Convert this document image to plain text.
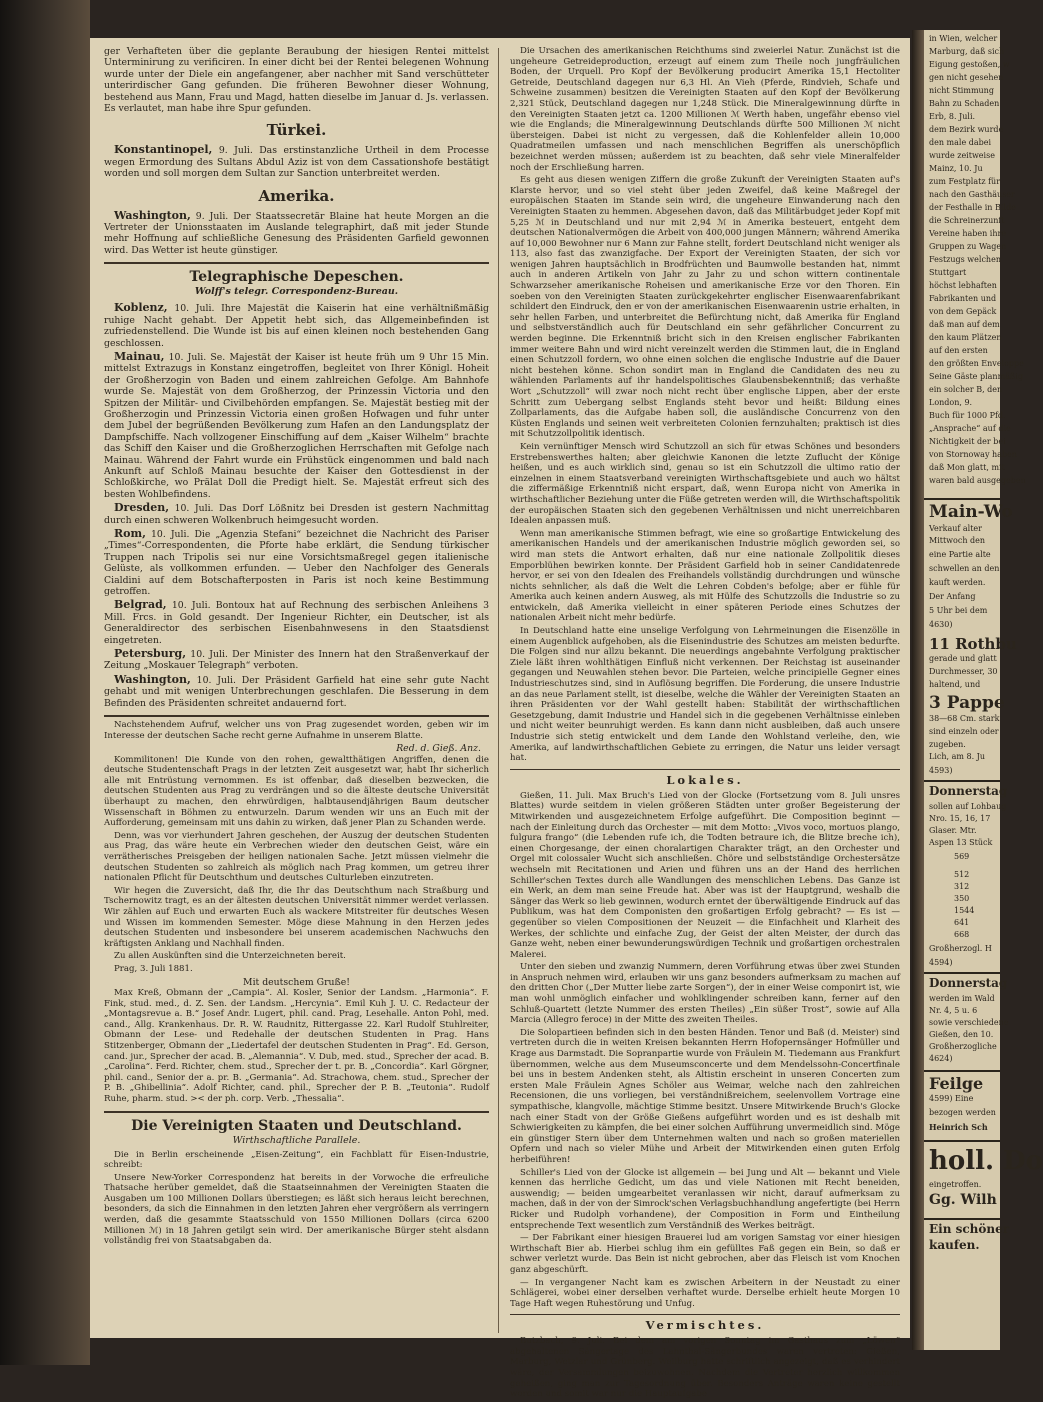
ger Verhafteten über die geplante Beraubung der hiesigen Rentei mittelst Unterminirung zu verificiren. In einer dicht bei der Rentei belegenen Wohnung wurde unter der Diele ein angefangener, aber nachher mit Sand verschütteter unterirdischer Gang gefunden. Die früheren Bewohner dieser Wohnung, bestehend aus Mann, Frau und Magd, hatten dieselbe im Januar d. Js. verlassen. Es verlautet, man habe ihre Spur gefunden.

Türkei.

Konstantinopel, 9. Juli. Das erstinstanzliche Urtheil in dem Processe wegen Ermordung des Sultans Abdul Aziz ist von dem Cassationshofe bestätigt worden und soll morgen dem Sultan zur Sanction unterbreitet werden.

Amerika.

Washington, 9. Juli. Der Staatssecretär Blaine hat heute Morgen an die Vertreter der Unionsstaaten im Auslande telegraphirt, daß mit jeder Stunde mehr Hoffnung auf schließliche Genesung des Präsidenten Garfield gewonnen wird. Das Wetter ist heute günstiger.

Telegraphische Depeschen.
Wolff's telegr. Correspondenz-Bureau.

Koblenz, 10. Juli. Ihre Majestät die Kaiserin hat eine verhältnißmäßig ruhige Nacht gehabt. Der Appetit hebt sich, das Allgemeinbefinden ist zufriedenstellend. Die Wunde ist bis auf einen kleinen noch bestehenden Gang geschlossen.

Mainau, 10. Juli. Se. Majestät der Kaiser ist heute früh um 9 Uhr 15 Min. mittelst Extrazugs in Konstanz eingetroffen, begleitet von Ihrer Königl. Hoheit der Großherzogin von Baden und einem zahlreichen Gefolge. Am Bahnhofe wurde Se. Majestät von dem Großherzog, der Prinzessin Victoria und den Spitzen der Militär- und Civilbehörden empfangen. Se. Majestät bestieg mit der Großherzogin und Prinzessin Victoria einen großen Hofwagen und fuhr unter dem Jubel der begrüßenden Bevölkerung zum Hafen an den Landungsplatz der Dampfschiffe. Nach vollzogener Einschiffung auf dem „Kaiser Wilhelm“ brachte das Schiff den Kaiser und die Großherzoglichen Herrschaften mit Gefolge nach Mainau. Während der Fahrt wurde ein Frühstück eingenommen und bald nach Ankunft auf Schloß Mainau besuchte der Kaiser den Gottesdienst in der Schloßkirche, wo Prälat Doll die Predigt hielt. Se. Majestät erfreut sich des besten Wohlbefindens.

Dresden, 10. Juli. Das Dorf Lößnitz bei Dresden ist gestern Nachmittag durch einen schweren Wolkenbruch heimgesucht worden.

Rom, 10. Juli. Die „Agenzia Stefani“ bezeichnet die Nachricht des Pariser „Times“-Correspondenten, die Pforte habe erklärt, die Sendung türkischer Truppen nach Tripolis sei nur eine Vorsichtsmaßregel gegen italienische Gelüste, als vollkommen erfunden. — Ueber den Nachfolger des Generals Cialdini auf dem Botschafterposten in Paris ist noch keine Bestimmung getroffen.

Belgrad, 10. Juli. Bontoux hat auf Rechnung des serbischen Anleihens 3 Mill. Frcs. in Gold gesandt. Der Ingenieur Richter, ein Deutscher, ist als Generaldirector des serbischen Eisenbahnwesens in den Staatsdienst eingetreten.

Petersburg, 10. Juli. Der Minister des Innern hat den Straßenverkauf der Zeitung „Moskauer Telegraph“ verboten.

Washington, 10. Juli. Der Präsident Garfield hat eine sehr gute Nacht gehabt und mit wenigen Unterbrechungen geschlafen. Die Besserung in dem Befinden des Präsidenten schreitet andauernd fort.

Nachstehendem Aufruf, welcher uns von Prag zugesendet worden, geben wir im Interesse der deutschen Sache recht gerne Aufnahme in unserem Blatte.

Red. d. Gieß. Anz.

Kommilitonen! Die Kunde von den rohen, gewaltthätigen Angriffen, denen die deutsche Studentenschaft Prags in der letzten Zeit ausgesetzt war, habt Ihr sicherlich alle mit Entrüstung vernommen. Es ist offenbar, daß dieselben bezwecken, die deutschen Studenten aus Prag zu verdrängen und so die älteste deutsche Universität überhaupt zu machen, den ehrwürdigen, halbtausendjährigen Baum deutscher Wissenschaft in Böhmen zu entwurzeln. Darum wenden wir uns an Euch mit der Aufforderung, gemeinsam mit uns dahin zu wirken, daß jener Plan zu Schanden werde.

Denn, was vor vierhundert Jahren geschehen, der Auszug der deutschen Studenten aus Prag, das wäre heute ein Verbrechen wieder den deutschen Geist, wäre ein verrätherisches Preisgeben der heiligen nationalen Sache. Jetzt müssen vielmehr die deutschen Studenten so zahlreich als möglich nach Prag kommen, um getreu ihrer nationalen Pflicht für Deutschthum und deutsches Culturleben einzutreten.

Wir hegen die Zuversicht, daß Ihr, die Ihr das Deutschthum nach Straßburg und Tschernowitz tragt, es an der ältesten deutschen Universität nimmer werdet verlassen. Wir zählen auf Euch und erwarten Euch als wackere Mitstreiter für deutsches Wesen und Wissen im kommenden Semester. Möge diese Mahnung in den Herzen jedes deutschen Studenten und insbesondere bei unserem academischen Nachwuchs den kräftigsten Anklang und Nachhall finden.

Zu allen Auskünften sind die Unterzeichneten bereit.

Prag, 3. Juli 1881.

Mit deutschem Gruße!

Max Kreß, Obmann der „Campia“. Al. Kosler, Senior der Landsm. „Harmonia“. F. Fink, stud. med., d. Z. Sen. der Landsm. „Hercynia“. Emil Kuh J. U. C. Redacteur der „Montagsrevue a. B.“ Josef Andr. Lugert, phil. cand. Prag, Lesehalle. Anton Pohl, med. cand., Allg. Krankenhaus. Dr. R. W. Raudnitz, Rittergasse 22. Karl Rudolf Stuhlreiter, Obmann der Lese- und Redehalle der deutschen Studenten in Prag. Hans Stitzenberger, Obmann der „Liedertafel der deutschen Studenten in Prag“. Ed. Gerson, cand. jur., Sprecher der acad. B. „Alemannia“. V. Dub, med. stud., Sprecher der acad. B. „Carolina“. Ferd. Richter, chem. stud., Sprecher der t. pr. B. „Concordia“. Karl Görgner, phil. cand., Senior der a. pr. B. „Germania“. Ad. Strachowa, chem. stud., Sprecher der P. B. „Ghibellinia“. Adolf Richter, cand. phil., Sprecher der P. B. „Teutonia“. Rudolf Ruhe, pharm. stud. >< der ph. corp. Verb. „Thessalia“.

Die Vereinigten Staaten und Deutschland.
Wirthschaftliche Parallele.

Die in Berlin erscheinende „Eisen-Zeitung“, ein Fachblatt für Eisen-Industrie, schreibt:

Unsere New-Yorker Correspondenz hat bereits in der Vorwoche die erfreuliche Thatsache herüber gemeldet, daß die Staatseinnahmen der Vereinigten Staaten die Ausgaben um 100 Millionen Dollars überstiegen; es läßt sich heraus leicht berechnen, besonders, da sich die Einnahmen in den letzten Jahren eher vergrößern als verringern werden, daß die gesammte Staatsschuld von 1550 Millionen Dollars (circa 6200 Millionen ℳ) in 18 Jahren getilgt sein wird. Der amerikanische Bürger steht alsdann vollständig frei von Staatsabgaben da.

Die Ursachen des amerikanischen Reichthums sind zweierlei Natur. Zunächst ist die ungeheure Getreideproduction, erzeugt auf einem zum Theile noch jungfräulichen Boden, der Urquell. Pro Kopf der Bevölkerung producirt Amerika 15,1 Hectoliter Getreide, Deutschland dagegen nur 6,3 Hl. An Vieh (Pferde, Rindvieh, Schafe und Schweine zusammen) besitzen die Vereinigten Staaten auf den Kopf der Bevölkerung 2,321 Stück, Deutschland dagegen nur 1,248 Stück. Die Mineralgewinnung dürfte in den Vereinigten Staaten jetzt ca. 1200 Millionen ℳ Werth haben, ungefähr ebenso viel wie die Englands; die Mineralgewinnung Deutschlands dürfte 500 Millionen ℳ nicht übersteigen. Dabei ist nicht zu vergessen, daß die Kohlenfelder allein 10,000 Quadratmeilen umfassen und nach menschlichen Begriffen als unerschöpflich bezeichnet werden müssen; außerdem ist zu beachten, daß sehr viele Mineralfelder noch der Erschließung harren.

Es geht aus diesen wenigen Ziffern die große Zukunft der Vereinigten Staaten auf's Klarste hervor, und so viel steht über jeden Zweifel, daß keine Maßregel der europäischen Staaten im Stande sein wird, die ungeheure Einwanderung nach den Vereinigten Staaten zu hemmen. Abgesehen davon, daß das Militärbudget jeder Kopf mit 5,25 ℳ in Deutschland und nur mit 2,94 ℳ in Amerika besteuert, entgeht dem deutschen Nationalvermögen die Arbeit von 400,000 jungen Männern; während Amerika auf 10,000 Bewohner nur 6 Mann zur Fahne stellt, fordert Deutschland nicht weniger als 113, also fast das zwanzigfache. Der Export der Vereinigten Staaten, der sich vor wenigen Jahren hauptsächlich in Brodfrüchten und Baumwolle bestanden hat, nimmt auch in anderen Artikeln von Jahr zu Jahr zu und schon wittern continentale Schwarzseher amerikanische Roheisen und amerikanische Erze vor den Thoren. Ein soeben von den Vereinigten Staaten zurückgekehrter englischer Eisenwaarenfabrikant schildert den Eindruck, den er von der amerikanischen Eisenwaarenin ustrie erhalten, in sehr hellen Farben, und unterbreitet die Befürchtung nicht, daß Amerika für England und selbstverständlich auch für Deutschland ein sehr gefährlicher Concurrent zu werden beginne. Die Erkenntniß bricht sich in den Kreisen englischer Fabrikanten immer weitere Bahn und wird nicht vereinzelt werden die Stimmen laut, die in England einen Schutzzoll fordern, wo ohne einen solchen die englische Industrie auf die Dauer nicht bestehen könne. Schon sondirt man in England die Candidaten des neu zu wählenden Parlaments auf ihr handelspolitisches Glaubensbekenntniß; das verhaßte Wort „Schutzzoll“ will zwar noch nicht recht über englische Lippen, aber der erste Schritt zum Uebergang selbst Englands steht bevor und heißt: Bildung eines Zollparlaments, das die Aufgabe haben soll, die ausländische Concurrenz von den Küsten Englands und seinen weit verbreiteten Colonien fernzuhalten; praktisch ist dies mit Schutzzollpolitik identisch.

Kein vernünftiger Mensch wird Schutzzoll an sich für etwas Schönes und besonders Erstrebenswerthes halten; aber gleichwie Kanonen die letzte Zuflucht der Könige heißen, und es auch wirklich sind, genau so ist ein Schutzzoll die ultimo ratio der einzelnen in einem Staatsverband vereinigten Wirthschaftsgebiete und auch wo hältst die ziffermäßige Erkenntniß nicht erspart, daß, wenn Europa nicht von Amerika in wirthschaftlicher Beziehung unter die Füße getreten werden will, die Wirthschaftspolitik der europäischen Staaten sich den gegebenen Verhältnissen und nicht unerreichbaren Idealen anpassen muß.

Wenn man amerikanische Stimmen befragt, wie eine so großartige Entwickelung des amerikanischen Handels und der amerikanischen Industrie möglich geworden sei, so wird man stets die Antwort erhalten, daß nur eine nationale Zollpolitik dieses Emporblühen bewirken konnte. Der Präsident Garfield hob in seiner Candidatenrede hervor, er sei von den Idealen des Freihandels vollständig durchdrungen und wünsche nichts sehnlicher, als daß die Welt die Lehren Cobden's befolge; aber er fühle für Amerika auch keinen andern Ausweg, als mit Hülfe des Schutzzolls die Industrie so zu entwickeln, daß Amerika vielleicht in einer späteren Periode eines Schutzes der nationalen Arbeit nicht mehr bedürfe.

In Deutschland hatte eine unselige Verfolgung von Lehrmeinungen die Eisenzölle in einem Augenblick aufgehoben, als die Eisenindustrie des Schutzes am meisten bedurfte. Die Folgen sind nur allzu bekannt. Die neuerdings angebahnte Verfolgung praktischer Ziele läßt ihren wohlthätigen Einfluß nicht verkennen. Der Reichstag ist auseinander gegangen und Neuwahlen stehen bevor. Die Parteien, welche principielle Gegner eines Industrieschutzes sind, sind in Auflösung begriffen. Die Forderung, die unsere Industrie an das neue Parlament stellt, ist dieselbe, welche die Wähler der Vereinigten Staaten an ihren Präsidenten vor der Wahl gestellt haben: Stabilität der wirthschaftlichen Gesetzgebung, damit Industrie und Handel sich in die gegebenen Verhältnisse einleben und nicht weiter beunruhigt werden. Es kann dann nicht ausbleiben, daß auch unsere Industrie sich stetig entwickelt und dem Lande den Wohlstand verleihe, den, wie Amerika, auf landwirthschaftlichen Gebiete zu erringen, die Natur uns leider versagt hat.

Lokales.

Gießen, 11. Juli. Max Bruch's Lied von der Glocke (Fortsetzung vom 8. Juli unsres Blattes) wurde seitdem in vielen größeren Städten unter großer Begeisterung der Mitwirkenden und ausgezeichnetem Erfolge aufgeführt. Die Composition beginnt — nach der Einleitung durch das Orchester — mit dem Motto: „Vivos voco, mortuos plango, fulgura frango“ (die Lebenden rufe ich, die Todten betraure ich, die Blitze breche ich), einen Chorgesange, der einen choralartigen Charakter trägt, an den Orchester und Orgel mit colossaler Wucht sich anschließen. Chöre und selbstständige Orchestersätze wechseln mit Recitationen und Arien und führen uns an der Hand des herrlichen Schiller'schen Textes durch alle Wandlungen des menschlichen Lebens. Das Ganze ist ein Werk, an dem man seine Freude hat. Aber was ist der Hauptgrund, weshalb die Sänger das Werk so lieb gewinnen, wodurch erntet der überwältigende Eindruck auf das Publikum, was hat dem Componisten den großartigen Erfolg gebracht? — Es ist — gegenüber so vielen Compositionen der Neuzeit — die Einfachheit und Klarheit des Werkes, der schlichte und einfache Zug, der Geist der alten Meister, der durch das Ganze weht, neben einer bewunderungswürdigen Technik und großartigen orchestralen Malerei.

Unter den sieben und zwanzig Nummern, deren Vorführung etwas über zwei Stunden in Anspruch nehmen wird, erlauben wir uns ganz besonders aufmerksam zu machen auf den dritten Chor („Der Mutter liebe zarte Sorgen“), der in einer Weise componirt ist, wie man wohl unmöglich einfacher und wohlklingender schreiben kann, ferner auf den Schluß-Quartett (letzte Nummer des ersten Theiles) „Ein süßer Trost“, sowie auf Alla Marcia (Allegro feroce) in der Mitte des zweiten Theiles.

Die Solopartieen befinden sich in den besten Händen. Tenor und Baß (d. Meister) sind vertreten durch die in weiten Kreisen bekannten Herrn Hofopernsänger Hofmüller und Krage aus Darmstadt. Die Sopranpartie wurde von Fräulein M. Tiedemann aus Frankfurt übernommen, welche aus dem Museumsconcerte und dem Mendelssohn-Concertfinale bei uns in bestem Andenken steht, als Altistin erscheint in unseren Concerten zum ersten Male Fräulein Agnes Schöler aus Weimar, welche nach den zahlreichen Recensionen, die uns vorliegen, bei verständnißreichem, seelenvollem Vortrage eine sympathische, klangvolle, mächtige Stimme besitzt. Unsere Mitwirkende Bruch's Glocke nach einer Stadt von der Größe Gießens aufgeführt worden und es ist deshalb mit Schwierigkeiten zu kämpfen, die bei einer solchen Aufführung unvermeidlich sind. Möge ein günstiger Stern über dem Unternehmen walten und nach so großen materiellen Opfern und nach so vieler Mühe und Arbeit der Mitwirkenden einen guten Erfolg herbeiführen!

Schiller's Lied von der Glocke ist allgemein — bei Jung und Alt — bekannt und Viele kennen das herrliche Gedicht, um das und viele Nationen mit Recht beneiden, auswendig; — beiden umgearbeitet veranlassen wir nicht, darauf aufmerksam zu machen, daß in der von der Simrock'schen Verlagsbuchhandlung angefertigte (bei Herrn Ricker und Rudolph vorhandene), der Composition in Form und Eintheilung entsprechende Text wesentlich zum Verständniß des Werkes beiträgt.

— Der Fabrikant einer hiesigen Brauerei lud am vorigen Samstag vor einer hiesigen Wirthschaft Bier ab. Hierbei schlug ihm ein gefülltes Faß gegen ein Bein, so daß er schwer verletzt wurde. Das Bein ist nicht gebrochen, aber das Fleisch ist vom Knochen ganz abgeschürft.

— In vergangener Nacht kam es zwischen Arbeitern in der Neustadt zu einer Schlägerei, wobei einer derselben verhaftet wurde. Derselbe erhielt heute Morgen 10 Tage Haft wegen Ruhestörung und Unfug.

Vermischtes.

Butzbach, 9. Juli. Bei dem am vorigen Sonntag im Gasthaus zum „Löwen“ abgehaltenen Sängertage des Lahnthal-Sängerbundes waren vertreten: Gießen, Marburg, Wetzlar und Grünberg. Weilburg hatte schriftlich angezeigt, daß es verhindert wäre, der Versammlungen beizuwohnen. Nachdem die Vertreter herzlich willkommen geheißen, ging man zur Tagesordnung über. Besonders Anträge waren keine gestellt worden und somit war nur die Hauptaufgabe

in Wien, welcher
Marburg, daß sich
Eigung gestoßen, w
gen nicht gesehen
nicht Stimmung
Bahn zu Schaden
Erb, 8. Juli.
dem Bezirk wurde
den male dabei
wurde zeitweise
Mainz, 10. Ju
zum Festplatz für
nach den Gasthäuser
der Festhalle in Bilde
die Schreinerzunft
Vereine haben ihre
Gruppen zu Wagen
Festzugs welchen
Stuttgart
höchst lebhaften
Fabrikanten und
von dem Gepäck
daß man auf dem
den kaum Plätzen
auf den ersten
den größten Enveloppe
Seine Gäste planmäßig
ein solcher B, den
London, 9.
Buch für 1000 Pfd.
„Ansprache“ auf die
Nichtigkeit der bei
von Stornoway haben
daß Mon glatt, mit
waren bald ausgegeben
Main-Wo
Verkauf alter
Mittwoch den
eine Partie alte
schwellen an den
kauft werden.
Der Anfang
5 Uhr bei dem
4630)
11 Rothbu
gerade und glatt
Durchmesser, 30
haltend, und
3 Pappe
38—68 Cm. stark
sind einzeln oder
zugeben.
Lich, am 8. Ju
4593)
Donnerstag
sollen auf Lohbaug
Nro. 15, 16, 17
Glaser. Mtr.
Aspen 13 Stück
569
512
312
350
1544
641
668
Großherzogl. H
4594)
Donnerstag
werden im Wald
Nr. 4, 5 u. 6
sowie verschiedene
Gießen, den 10.
Großherzogliche
4624)
Feilge
4599) Eine
bezogen werden
Heinrich Sch
holl. Do
eingetroffen.
Gg. Wilh
Ein schöner
kaufen.
